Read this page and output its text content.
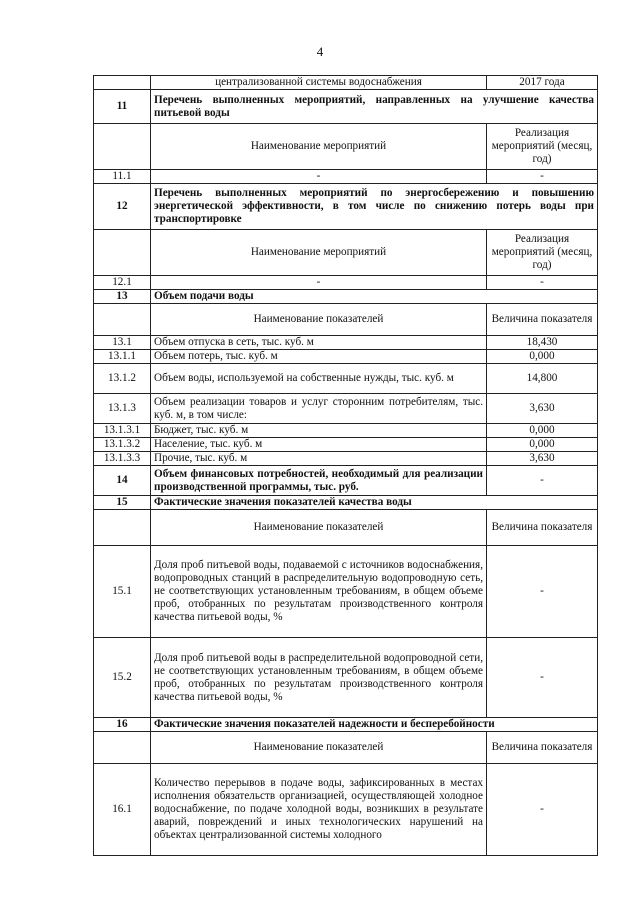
4
	централизованной системы водоснабжения	2017 года
11	Перечень выполненных мероприятий, направленных на улучшение качества питьевой воды	
	Наименование мероприятий	Реализация мероприятий (месяц, год)
11.1	-	-
12	Перечень выполненных мероприятий по энергосбережению и повышению энергетической эффективности, в том числе по снижению потерь воды при транспортировке	
	Наименование мероприятий	Реализация мероприятий (месяц, год)
12.1	-	-
13	Объем подачи воды	
	Наименование показателей	Величина показателя
13.1	Объем отпуска в сеть, тыс. куб. м	18,430
13.1.1	Объем потерь, тыс. куб. м	0,000
13.1.2	Объем воды, используемой на собственные нужды, тыс. куб. м	14,800
13.1.3	Объем реализации товаров и услуг сторонним потребителям, тыс. куб. м, в том числе:	3,630
13.1.3.1	Бюджет, тыс. куб. м	0,000
13.1.3.2	Население, тыс. куб. м	0,000
13.1.3.3	Прочие, тыс. куб. м	3,630
14	Объем финансовых потребностей, необходимый для реализации производственной программы, тыс. руб.	-
15	Фактические значения показателей качества воды	
	Наименование показателей	Величина показателя
15.1	Доля проб питьевой воды, подаваемой с источников водоснабжения, водопроводных станций в распределительную водопроводную сеть, не соответствующих установленным требованиям, в общем объеме проб, отобранных по результатам производственного контроля качества питьевой воды, %	-
15.2	Доля проб питьевой воды в распределительной водопроводной сети, не соответствующих установленным требованиям, в общем объеме проб, отобранных по результатам производственного контроля качества питьевой воды, %	-
16	Фактические значения показателей надежности и бесперебойности	
	Наименование показателей	Величина показателя
16.1	Количество перерывов в подаче воды, зафиксированных в местах исполнения обязательств организацией, осуществляющей холодное водоснабжение, по подаче холодной воды, возникших в результате аварий, повреждений и иных технологических нарушений на объектах централизованной системы холодного	-
